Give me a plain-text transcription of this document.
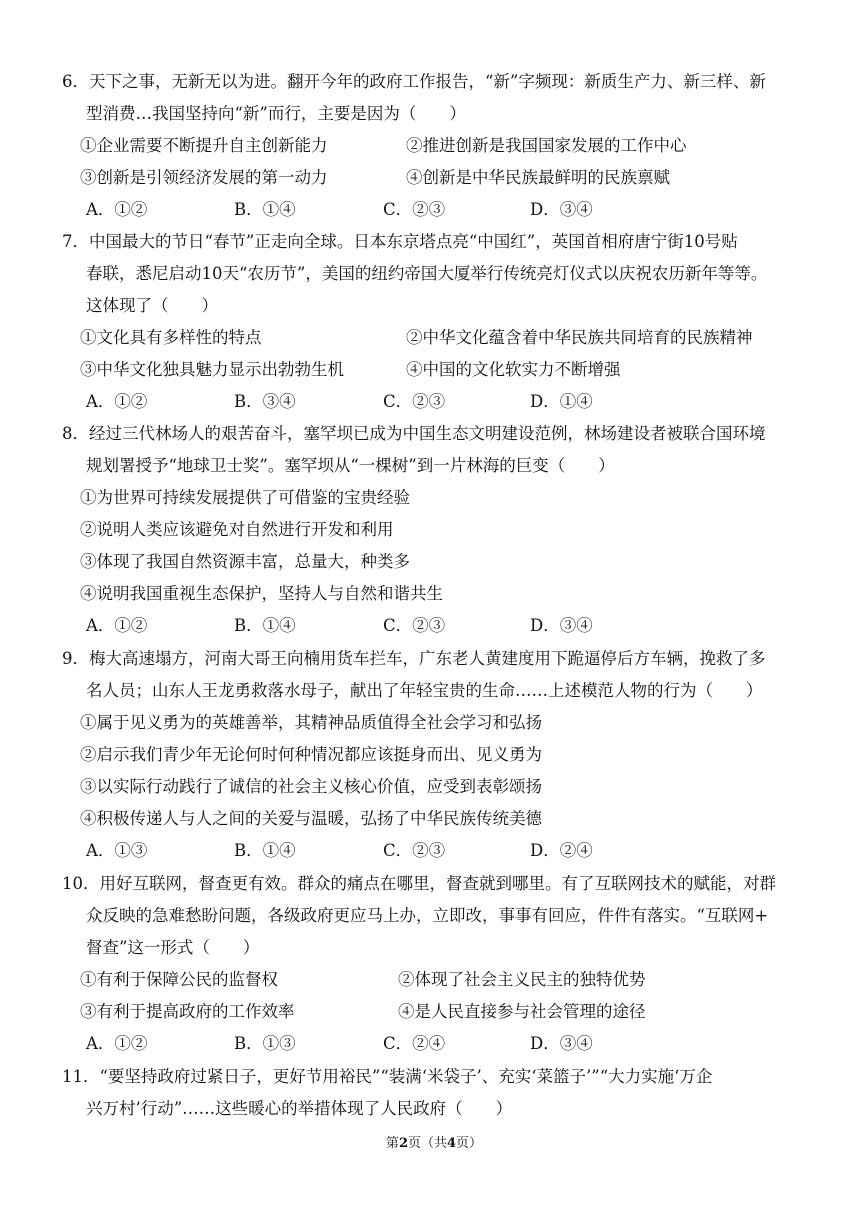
6．天下之事，无新无以为进。翻开今年的政府工作报告，“新”字频现：新质生产力、新三样、新
型消费…我国坚持向“新”而行，主要是因为（　　）
①企业需要不断提升自主创新能力	②推进创新是我国国家发展的工作中心
③创新是引领经济发展的第一动力	④创新是中华民族最鲜明的民族禀赋
A．①②	B．①④	C．②③	D．③④
7．中国最大的节日“春节”正走向全球。日本东京塔点亮“中国红”，英国首相府唐宁街10号贴
春联，悉尼启动10天“农历节”，美国的纽约帝国大厦举行传统亮灯仪式以庆祝农历新年等等。
这体现了（　　）
①文化具有多样性的特点	②中华文化蕴含着中华民族共同培育的民族精神
③中华文化独具魅力显示出勃勃生机	④中国的文化软实力不断增强
A．①②	B．③④	C．②③	D．①④
8．经过三代林场人的艰苦奋斗，塞罕坝已成为中国生态文明建设范例，林场建设者被联合国环境
规划署授予“地球卫士奖”。塞罕坝从“一棵树”到一片林海的巨变（　　）
①为世界可持续发展提供了可借鉴的宝贵经验
②说明人类应该避免对自然进行开发和利用
③体现了我国自然资源丰富，总量大，种类多
④说明我国重视生态保护，坚持人与自然和谐共生
A．①②	B．①④	C．②③	D．③④
9．梅大高速塌方，河南大哥王向楠用货车拦车，广东老人黄建度用下跪逼停后方车辆，挽救了多
名人员；山东人王龙勇救落水母子，献出了年轻宝贵的生命……上述模范人物的行为（　　）
①属于见义勇为的英雄善举，其精神品质值得全社会学习和弘扬
②启示我们青少年无论何时何种情况都应该挺身而出、见义勇为
③以实际行动践行了诚信的社会主义核心价值，应受到表彰颂扬
④积极传递人与人之间的关爱与温暖，弘扬了中华民族传统美德
A．①③	B．①④	C．②③	D．②④
10．用好互联网，督查更有效。群众的痛点在哪里，督查就到哪里。有了互联网技术的赋能，对群
众反映的急难愁盼问题，各级政府更应马上办，立即改，事事有回应，件件有落实。“互联网+
督查”这一形式（　　）
①有利于保障公民的监督权	②体现了社会主义民主的独特优势
③有利于提高政府的工作效率	④是人民直接参与社会管理的途径
A．①②	B．①③	C．②④	D．③④
11．“要坚持政府过紧日子，更好节用裕民”“装满‘米袋子’、充实‘菜篮子’”“大力实施‘万企
兴万村’行动”……这些暖心的举措体现了人民政府（　　）
第2页（共4页）
